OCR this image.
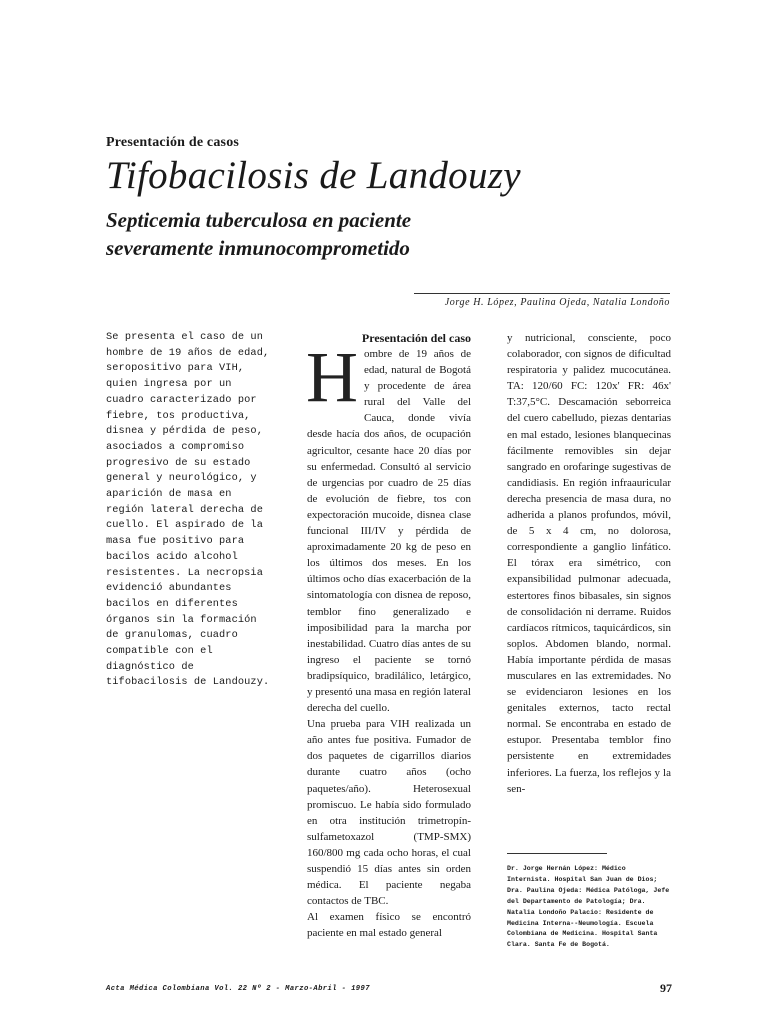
Presentación de casos
Tifobacilosis de Landouzy
Septicemia tuberculosa en paciente
severamente inmunocomprometido
Jorge H. López, Paulina Ojeda, Natalia Londoño
Se presenta el caso de un hombre de 19 años de edad, seropositivo para VIH, quien ingresa por un cuadro caracterizado por fiebre, tos productiva, disnea y pérdida de peso, asociados a compromiso progresivo de su estado general y neurológico, y aparición de masa en región lateral derecha de cuello. El aspirado de la masa fue positivo para bacilos acido alcohol resistentes. La necropsia evidenció abundantes bacilos en diferentes órganos sin la formación de granulomas, cuadro compatible con el diagnóstico de tifobacilosis de Landouzy.
Presentación del caso

Hombre de 19 años de edad, natural de Bogotá y procedente de área rural del Valle del Cauca, donde vivía desde hacía dos años, de ocupación agricultor, cesante hace 20 días por su enfermedad. Consultó al servicio de urgencias por cuadro de 25 días de evolución de fiebre, tos con expectoración mucoide, disnea clase funcional III/IV y pérdida de aproximadamente 20 kg de peso en los últimos dos meses. En los últimos ocho días exacerbación de la sintomatología con disnea de reposo, temblor fino generalizado e imposibilidad para la marcha por inestabilidad. Cuatro días antes de su ingreso el paciente se tornó bradipsíquico, bradilálico, letárgico, y presentó una masa en región lateral derecha del cuello.

Una prueba para VIH realizada un año antes fue positiva. Fumador de dos paquetes de cigarrillos diarios durante cuatro años (ocho paquetes/año). Heterosexual promiscuo. Le había sido formulado en otra institución trimetropín-sulfametoxazol (TMP-SMX) 160/800 mg cada ocho horas, el cual suspendió 15 días antes sin orden médica. El paciente negaba contactos de TBC.

Al examen físico se encontró paciente en mal estado general

y nutricional, consciente, poco colaborador, con signos de dificultad respiratoria y palidez mucocutánea. TA: 120/60 FC: 120x' FR: 46x' T:37,5°C. Descamación seborreica del cuero cabelludo, piezas dentarias en mal estado, lesiones blanquecinas fácilmente removibles sin dejar sangrado en orofaringe sugestivas de candidiasis. En región infraauricular derecha presencia de masa dura, no adherida a planos profundos, móvil, de 5 x 4 cm, no dolorosa, correspondiente a ganglio linfático. El tórax era simétrico, con expansibilidad pulmonar adecuada, estertores finos bibasales, sin signos de consolidación ni derrame. Ruidos cardíacos rítmicos, taquicárdicos, sin soplos. Abdomen blando, normal. Había importante pérdida de masas musculares en las extremidades. No se evidenciaron lesiones en los genitales externos, tacto rectal normal. Se encontraba en estado de estupor. Presentaba temblor fino persistente en extremidades inferiores. La fuerza, los reflejos y la sen-

Dr. Jorge Hernán López: Médico Internista. Hospital San Juan de Dios; Dra. Paulina Ojeda: Médica Patóloga, Jefe del Departamento de Patología; Dra. Natalia Londoño Palacio: Residente de Medicina Interna--Neumología. Escuela Colombiana de Medicina. Hospital Santa Clara. Santa Fe de Bogotá.
Acta Médica Colombiana Vol. 22 Nº 2 - Marzo-Abril - 1997	97
